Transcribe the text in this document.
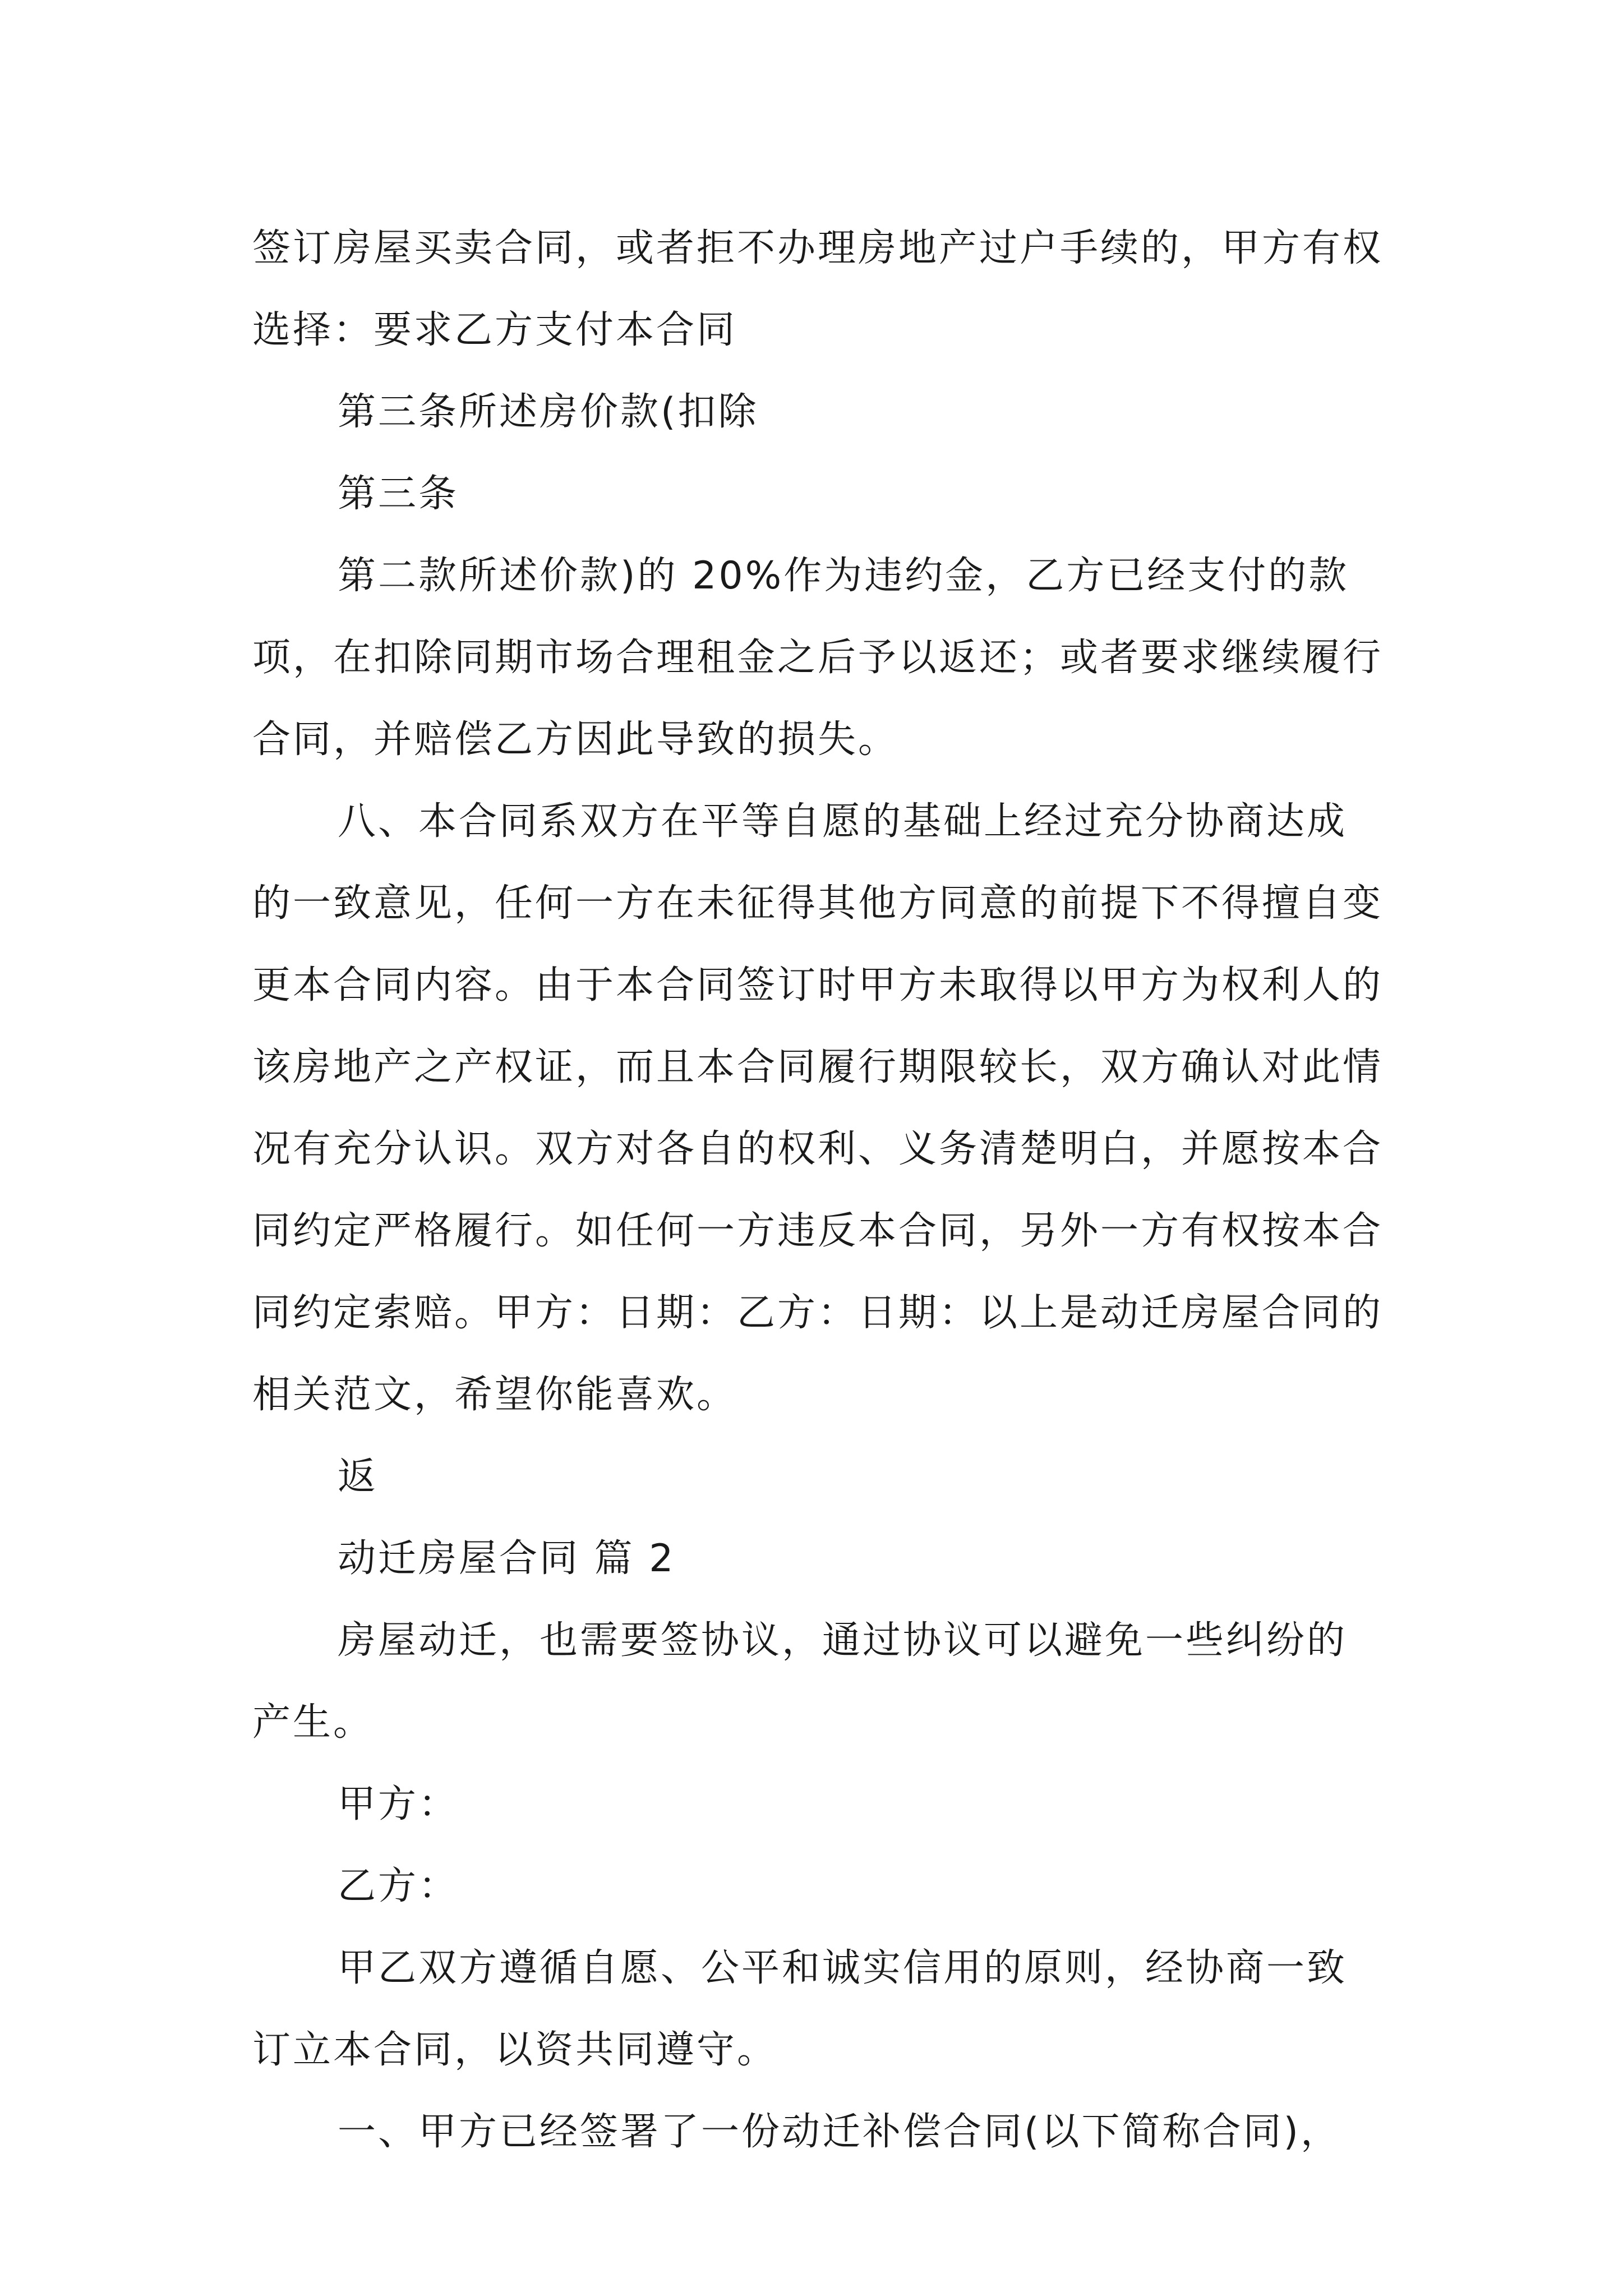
签订房屋买卖合同，或者拒不办理房地产过户手续的，甲方有权选择：要求乙方支付本合同

第三条所述房价款(扣除

第三条

第二款所述价款)的 20%作为违约金，乙方已经支付的款项，在扣除同期市场合理租金之后予以返还；或者要求继续履行合同，并赔偿乙方因此导致的损失。

八、本合同系双方在平等自愿的基础上经过充分协商达成的一致意见，任何一方在未征得其他方同意的前提下不得擅自变更本合同内容。由于本合同签订时甲方未取得以甲方为权利人的该房地产之产权证，而且本合同履行期限较长，双方确认对此情况有充分认识。双方对各自的权利、义务清楚明白，并愿按本合同约定严格履行。如任何一方违反本合同，另外一方有权按本合同约定索赔。甲方：日期：乙方：日期：以上是动迁房屋合同的相关范文，希望你能喜欢。

返

动迁房屋合同 篇 2

房屋动迁，也需要签协议，通过协议可以避免一些纠纷的产生。

甲方：

乙方：

甲乙双方遵循自愿、公平和诚实信用的原则，经协商一致订立本合同，以资共同遵守。

一、甲方已经签署了一份动迁补偿合同(以下简称合同)，
